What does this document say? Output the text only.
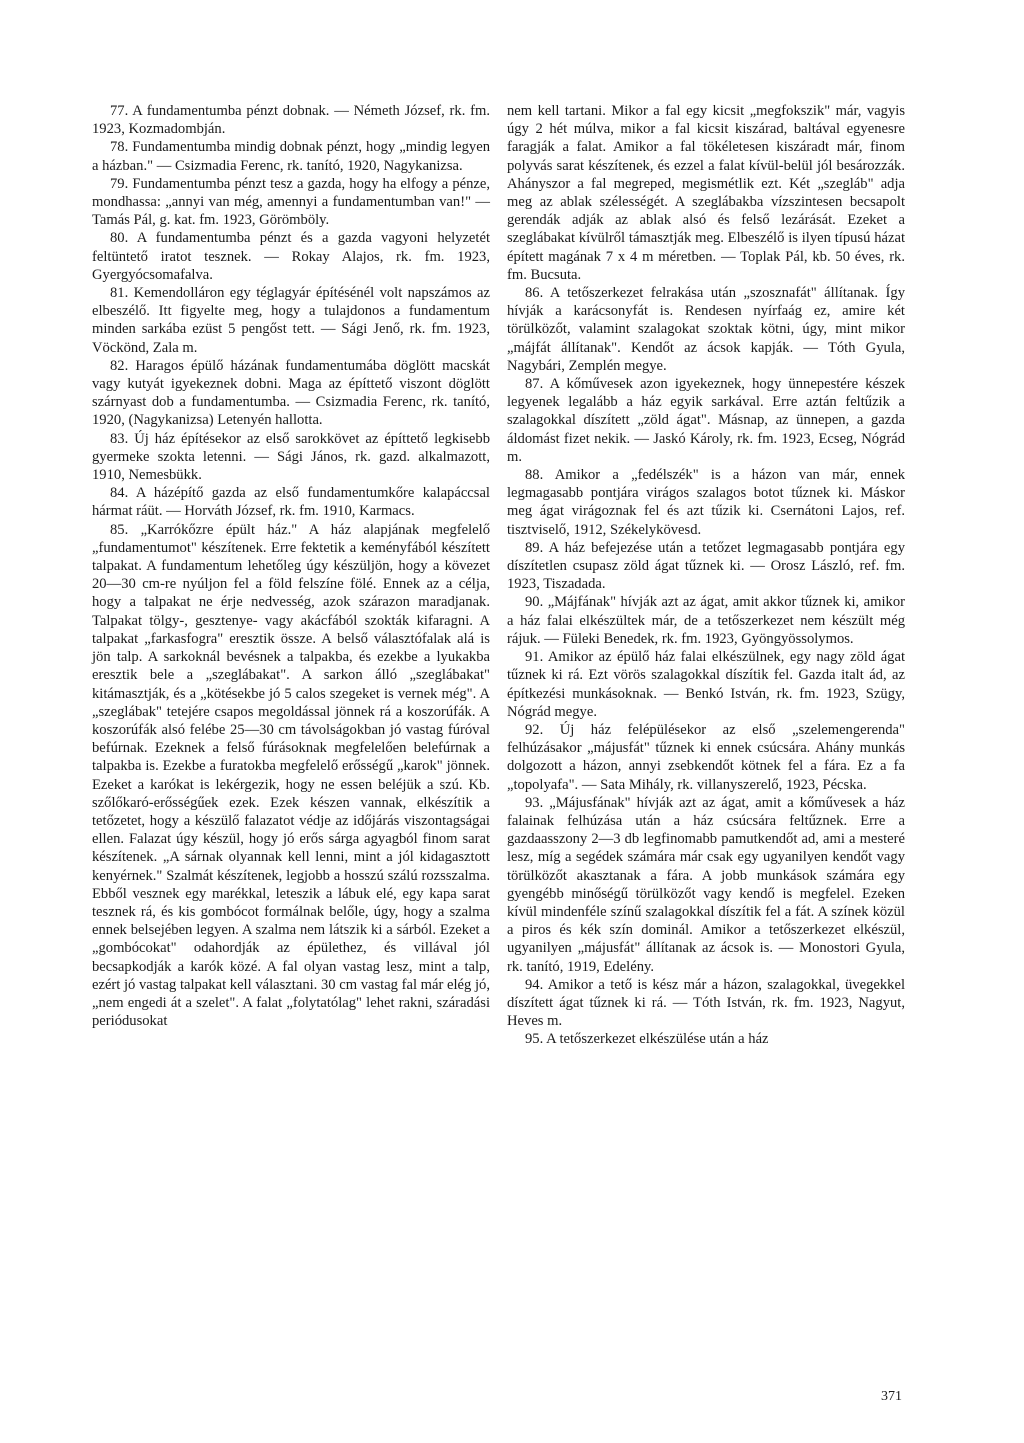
77. A fundamentumba pénzt dobnak. — Németh József, rk. fm. 1923, Kozmadombján.

78. Fundamentumba mindig dobnak pénzt, hogy „mindig legyen a házban." — Csizmadia Ferenc, rk. tanító, 1920, Nagykanizsa.

79. Fundamentumba pénzt tesz a gazda, hogy ha elfogy a pénze, mondhassa: „annyi van még, amennyi a fundamentumban van!" — Tamás Pál, g. kat. fm. 1923, Görömböly.

80. A fundamentumba pénzt és a gazda vagyoni helyzetét feltüntető iratot tesznek. — Rokay Alajos, rk. fm. 1923, Gyergyócsomafalva.

81. Kemendolláron egy téglagyár építésénél volt napszámos az elbeszélő. Itt figyelte meg, hogy a tulajdonos a fundamentum minden sarkába ezüst 5 pengőst tett. — Sági Jenő, rk. fm. 1923, Vöckönd, Zala m.

82. Haragos épülő házának fundamentumába döglött macskát vagy kutyát igyekeznek dobni. Maga az építtető viszont döglött szárnyast dob a fundamentumba. — Csizmadia Ferenc, rk. tanító, 1920, (Nagykanizsa) Letenyén hallotta.

83. Új ház építésekor az első sarokkövet az építtető legkisebb gyermeke szokta letenni. — Sági János, rk. gazd. alkalmazott, 1910, Nemesbükk.

84. A házépítő gazda az első fundamentumkőre kalapáccsal hármat ráüt. — Horváth József, rk. fm. 1910, Karmacs.

85. „Karrókőzre épült ház." A ház alapjának megfelelő „fundamentumot" készítenek. Erre fektetik a keményfából készített talpakat. A fundamentum lehetőleg úgy készüljön, hogy a kövezet 20—30 cm-re nyúljon fel a föld felszíne fölé. Ennek az a célja, hogy a talpakat ne érje nedvesség, azok szárazon maradjanak. Talpakat tölgy-, gesztenye- vagy akácfából szokták kifaragni. A talpakat „farkasfogra" eresztik össze. A belső választófalak alá is jön talp. A sarkoknál bevésnek a talpakba, és ezekbe a lyukakba eresztik bele a „szeglábakat". A sarkon álló „szeglábakat" kitámasztják, és a „kötésekbe jó 5 calos szegeket is vernek még". A „szeglábak" tetejére csapos megoldással jönnek rá a koszorúfák. A koszorúfák alsó felébe 25—30 cm távolságokban jó vastag fúróval befúrnak. Ezeknek a felső fúrásoknak megfelelően belefúrnak a talpakba is. Ezekbe a furatokba megfelelő erősségű „karok" jönnek. Ezeket a karókat is lekérgezik, hogy ne essen beléjük a szú. Kb. szőlőkaró-erősségűek ezek. Ezek készen vannak, elkészítik a tetőzetet, hogy a készülő falazatot védje az időjárás viszontagságai ellen. Falazat úgy készül, hogy jó erős sárga agyagból finom sarat készítenek. „A sárnak olyannak kell lenni, mint a jól kidagasztott kenyérnek." Szalmát készítenek, legjobb a hosszú szálú rozsszalma. Ebből vesznek egy marékkal, leteszik a lábuk elé, egy kapa sarat tesznek rá, és kis gombócot formálnak belőle, úgy, hogy a szalma ennek belsejében legyen. A szalma nem látszik ki a sárból. Ezeket a „gombócokat" odahordják az épülethez, és villával jól becsapkodják a karók közé. A fal olyan vastag lesz, mint a talp, ezért jó vastag talpakat kell választani. 30 cm vastag fal már elég jó, „nem engedi át a szelet". A falat „folytatólag" lehet rakni, száradási periódusokat

nem kell tartani. Mikor a fal egy kicsit „megfokszik" már, vagyis úgy 2 hét múlva, mikor a fal kicsit kiszárad, baltával egyenesre faragják a falat. Amikor a fal tökéletesen kiszáradt már, finom polyvás sarat készítenek, és ezzel a falat kívül-belül jól besározzák. Ahányszor a fal megreped, megismétlik ezt. Két „szegláb" adja meg az ablak szélességét. A szeglábakba vízszintesen becsapolt gerendák adják az ablak alsó és felső lezárását. Ezeket a szeglábakat kívülről támasztják meg. Elbeszélő is ilyen típusú házat épített magának 7 x 4 m méretben. — Toplak Pál, kb. 50 éves, rk. fm. Bucsuta.

86. A tetőszerkezet felrakása után „szosznafát" állítanak. Így hívják a karácsonyfát is. Rendesen nyírfaág ez, amire két törülközőt, valamint szalagokat szoktak kötni, úgy, mint mikor „májfát állítanak". Kendőt az ácsok kapják. — Tóth Gyula, Nagybári, Zemplén megye.

87. A kőművesek azon igyekeznek, hogy ünnepestére készek legyenek legalább a ház egyik sarkával. Erre aztán feltűzik a szalagokkal díszített „zöld ágat". Másnap, az ünnepen, a gazda áldomást fizet nekik. — Jaskó Károly, rk. fm. 1923, Ecseg, Nógrád m.

88. Amikor a „fedélszék" is a házon van már, ennek legmagasabb pontjára virágos szalagos botot tűznek ki. Máskor meg ágat virágoznak fel és azt tűzik ki. Csernátoni Lajos, ref. tisztviselő, 1912, Székelykövesd.

89. A ház befejezése után a tetőzet legmagasabb pontjára egy díszítetlen csupasz zöld ágat tűznek ki. — Orosz László, ref. fm. 1923, Tiszadada.

90. „Májfának" hívják azt az ágat, amit akkor tűznek ki, amikor a ház falai elkészültek már, de a tetőszerkezet nem készült még rájuk. — Füleki Benedek, rk. fm. 1923, Gyöngyössolymos.

91. Amikor az épülő ház falai elkészülnek, egy nagy zöld ágat tűznek ki rá. Ezt vörös szalagokkal díszítik fel. Gazda italt ád, az építkezési munkásoknak. — Benkó István, rk. fm. 1923, Szügy, Nógrád megye.

92. Új ház felépülésekor az első „szelemengerenda" felhúzásakor „májusfát" tűznek ki ennek csúcsára. Ahány munkás dolgozott a házon, annyi zsebkendőt kötnek fel a fára. Ez a fa „topolyafa". — Sata Mihály, rk. villanyszerelő, 1923, Pécska.

93. „Májusfának" hívják azt az ágat, amit a kőművesek a ház falainak felhúzása után a ház csúcsára feltűznek. Erre a gazdaasszony 2—3 db legfinomabb pamutkendőt ad, ami a mesteré lesz, míg a segédek számára már csak egy ugyanilyen kendőt vagy törülközőt akasztanak a fára. A jobb munkások számára egy gyengébb minőségű törülközőt vagy kendő is megfelel. Ezeken kívül mindenféle színű szalagokkal díszítik fel a fát. A színek közül a piros és kék szín dominál. Amikor a tetőszerkezet elkészül, ugyanilyen „májusfát" állítanak az ácsok is. — Monostori Gyula, rk. tanító, 1919, Edelény.

94. Amikor a tető is kész már a házon, szalagokkal, üvegekkel díszített ágat tűznek ki rá. — Tóth István, rk. fm. 1923, Nagyut, Heves m.

95. A tetőszerkezet elkészülése után a ház

371
